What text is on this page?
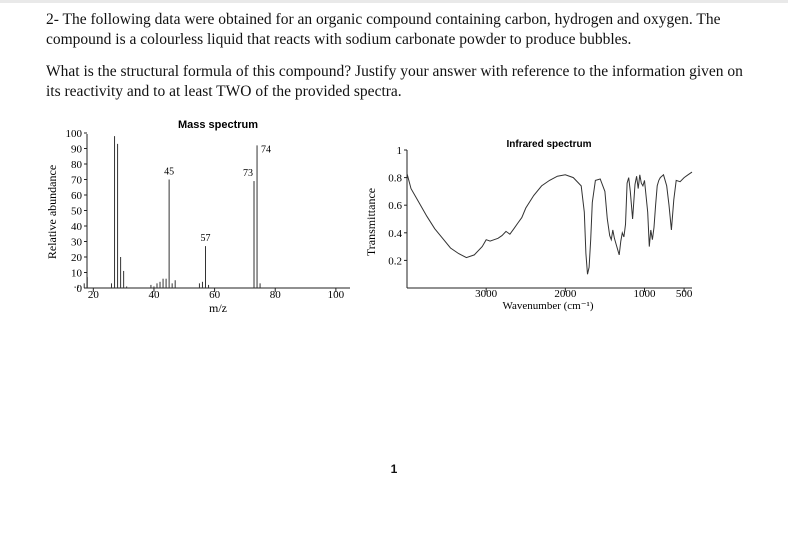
2- The following data were obtained for an organic compound containing carbon, hydrogen and oxygen. The compound is a colourless liquid that reacts with sodium carbonate powder to produce bubbles.

What is the structural formula of this compound? Justify your answer with reference to the information given on its reactivity and to at least TWO of the provided spectra.

Mass spectrum
Relative abundance
m/z
0
10
20
30
40
50
60
70
80
90
100
20	40	60	80	100
45
57
73
74	Infrared spectrum
Transmittance
Wavenumber (cm⁻¹)
0.2
0.4
0.6
0.8
1
3000	2000	1000 500
1
